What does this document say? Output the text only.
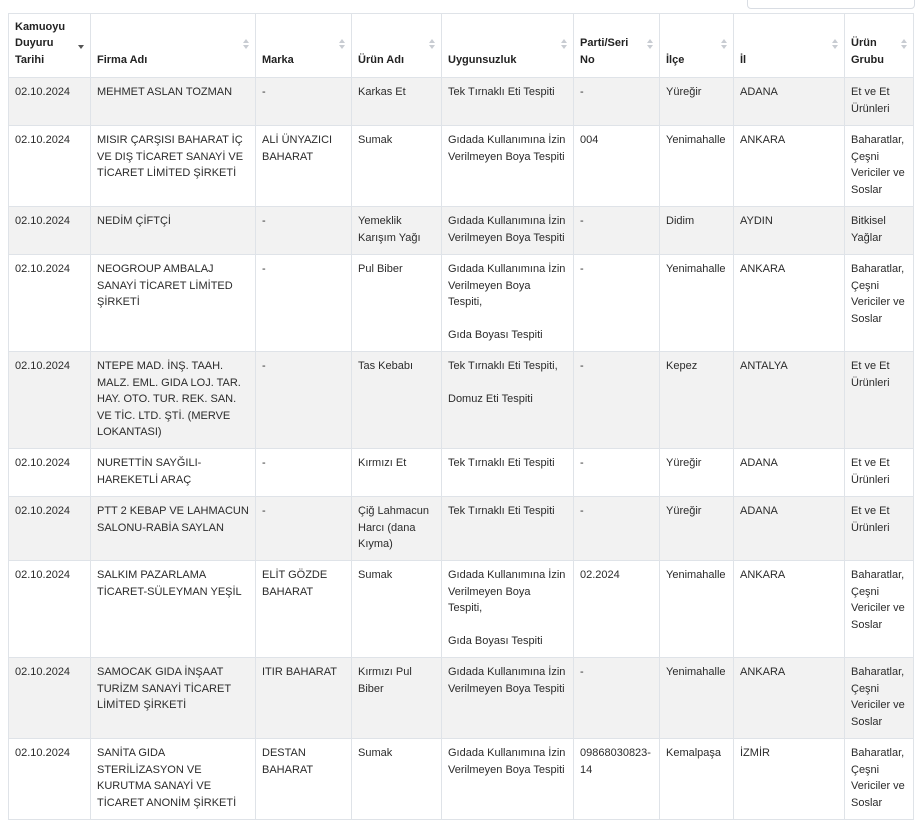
Kamuoyu Duyuru Tarihi	Firma Adı	Marka	Ürün Adı	Uygunsuzluk	Parti/Seri No	İlçe	İl	Ürün Grubu

02.10.2024	MEHMET ASLAN TOZMAN	-	Karkas Et	Tek Tırnaklı Eti Tespiti	-	Yüreğir	ADANA	Et ve Et Ürünleri
02.10.2024	MISIR ÇARŞISI BAHARAT İÇ VE DIŞ TİCARET SANAYİ VE TİCARET LİMİTED ŞİRKETİ	ALİ ÜNYAZICI BAHARAT	Sumak	Gıdada Kullanımına İzin Verilmeyen Boya Tespiti	004	Yenimahalle	ANKARA	Baharatlar, Çeşni Vericiler ve Soslar
02.10.2024	NEDİM ÇİFTÇİ	-	Yemeklik Karışım Yağı	Gıdada Kullanımına İzin Verilmeyen Boya Tespiti	-	Didim	AYDIN	Bitkisel Yağlar
02.10.2024	NEOGROUP AMBALAJ SANAYİ TİCARET LİMİTED ŞİRKETİ	-	Pul Biber	Gıdada Kullanımına İzin Verilmeyen Boya Tespiti,
Gıda Boyası Tespiti	-	Yenimahalle	ANKARA	Baharatlar, Çeşni Vericiler ve Soslar
02.10.2024	NTEPE MAD. İNŞ. TAAH. MALZ. EML. GIDA LOJ. TAR. HAY. OTO. TUR. REK. SAN. VE TİC. LTD. ŞTİ. (MERVE LOKANTASI)	-	Tas Kebabı	Tek Tırnaklı Eti Tespiti,
Domuz Eti Tespiti	-	Kepez	ANTALYA	Et ve Et Ürünleri
02.10.2024	NURETTİN SAYĞILI-HAREKETLİ ARAÇ	-	Kırmızı Et	Tek Tırnaklı Eti Tespiti	-	Yüreğir	ADANA	Et ve Et Ürünleri
02.10.2024	PTT 2 KEBAP VE LAHMACUN SALONU-RABİA SAYLAN	-	Çiğ Lahmacun Harcı (dana Kıyma)	Tek Tırnaklı Eti Tespiti	-	Yüreğir	ADANA	Et ve Et Ürünleri
02.10.2024	SALKIM PAZARLAMA TİCARET-SÜLEYMAN YEŞİL	ELİT GÖZDE BAHARAT	Sumak	Gıdada Kullanımına İzin Verilmeyen Boya Tespiti,
Gıda Boyası Tespiti	02.2024	Yenimahalle	ANKARA	Baharatlar, Çeşni Vericiler ve Soslar
02.10.2024	SAMOCAK GIDA İNŞAAT TURİZM SANAYİ TİCARET LİMİTED ŞİRKETİ	ITIR BAHARAT	Kırmızı Pul Biber	Gıdada Kullanımına İzin Verilmeyen Boya Tespiti	-	Yenimahalle	ANKARA	Baharatlar, Çeşni Vericiler ve Soslar
02.10.2024	SANİTA GIDA STERİLİZASYON VE KURUTMA SANAYİ VE TİCARET ANONİM ŞİRKETİ	DESTAN BAHARAT	Sumak	Gıdada Kullanımına İzin Verilmeyen Boya Tespiti	09868030823-14	Kemalpaşa	İZMİR	Baharatlar, Çeşni Vericiler ve Soslar
